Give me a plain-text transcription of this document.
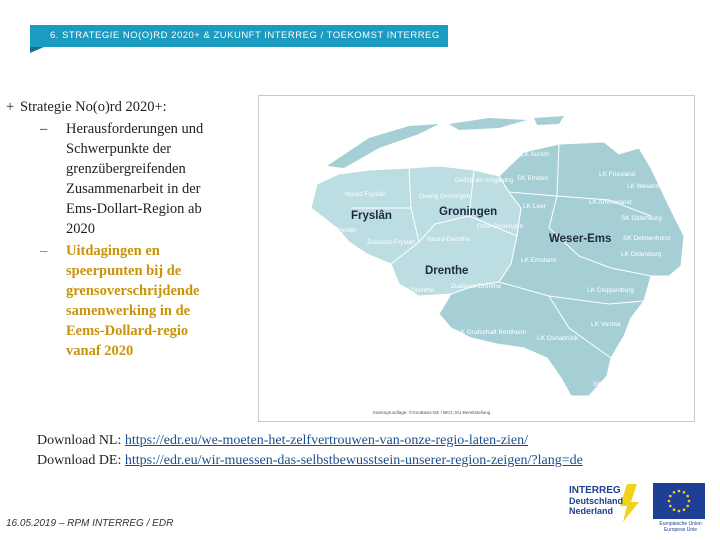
6. STRATEGIE NO(O)RD 2020+ & ZUKUNFT INTERREG / TOEKOMST INTERREG
+ Strategie No(o)rd 2020+:
– Herausforderungen und
Schwerpunkte der
grenzübergreifenden
Zusammenarbeit in der
Ems-Dollart-Region ab
2020
– Uitdagingen en
speerpunten bij de
grensoverschrijdende
samenwerking in de
Eems-Dollard-regio
vanaf 2020
LK Wittmund	SK Wilhelmshaven
LK Aurich
Noord Fryslân	Overig Groningen
Delfzijl en omgeving SK Emden
LK Friesland
LK Wesermarsch
LK Ammerland
LK Leer
Oost-Groningen
SK Oldenburg
SK Delmenhorst
Zuidwest-Fryslân
Zuidoost-Fryslân Noord-Drenthe
LK Oldenburg
LK Emsland
Zuidwest-Drenthe
Zuidoost-Drenthe
LK Cloppenburg
LK Vechta
LK Grafschaft Bentheim
LK Osnabrück
SK Osnabrück
Fryslân	Groningen
Weser-Ems
Drenthe
Kartengrundlage: ©GeoBasis-DE / BKG; EU-Bereitstellung
Download NL: https://edr.eu/we-moeten-het-zelfvertrouwen-van-onze-regio-laten-zien/
Download DE: https://edr.eu/wir-muessen-das-selbstbewusstsein-unserer-region-zeigen/?lang=de
16.05.2019 – RPM INTERREG / EDR
INTERREG
Deutschland
Nederland
Europäische Union
Europese Unie
